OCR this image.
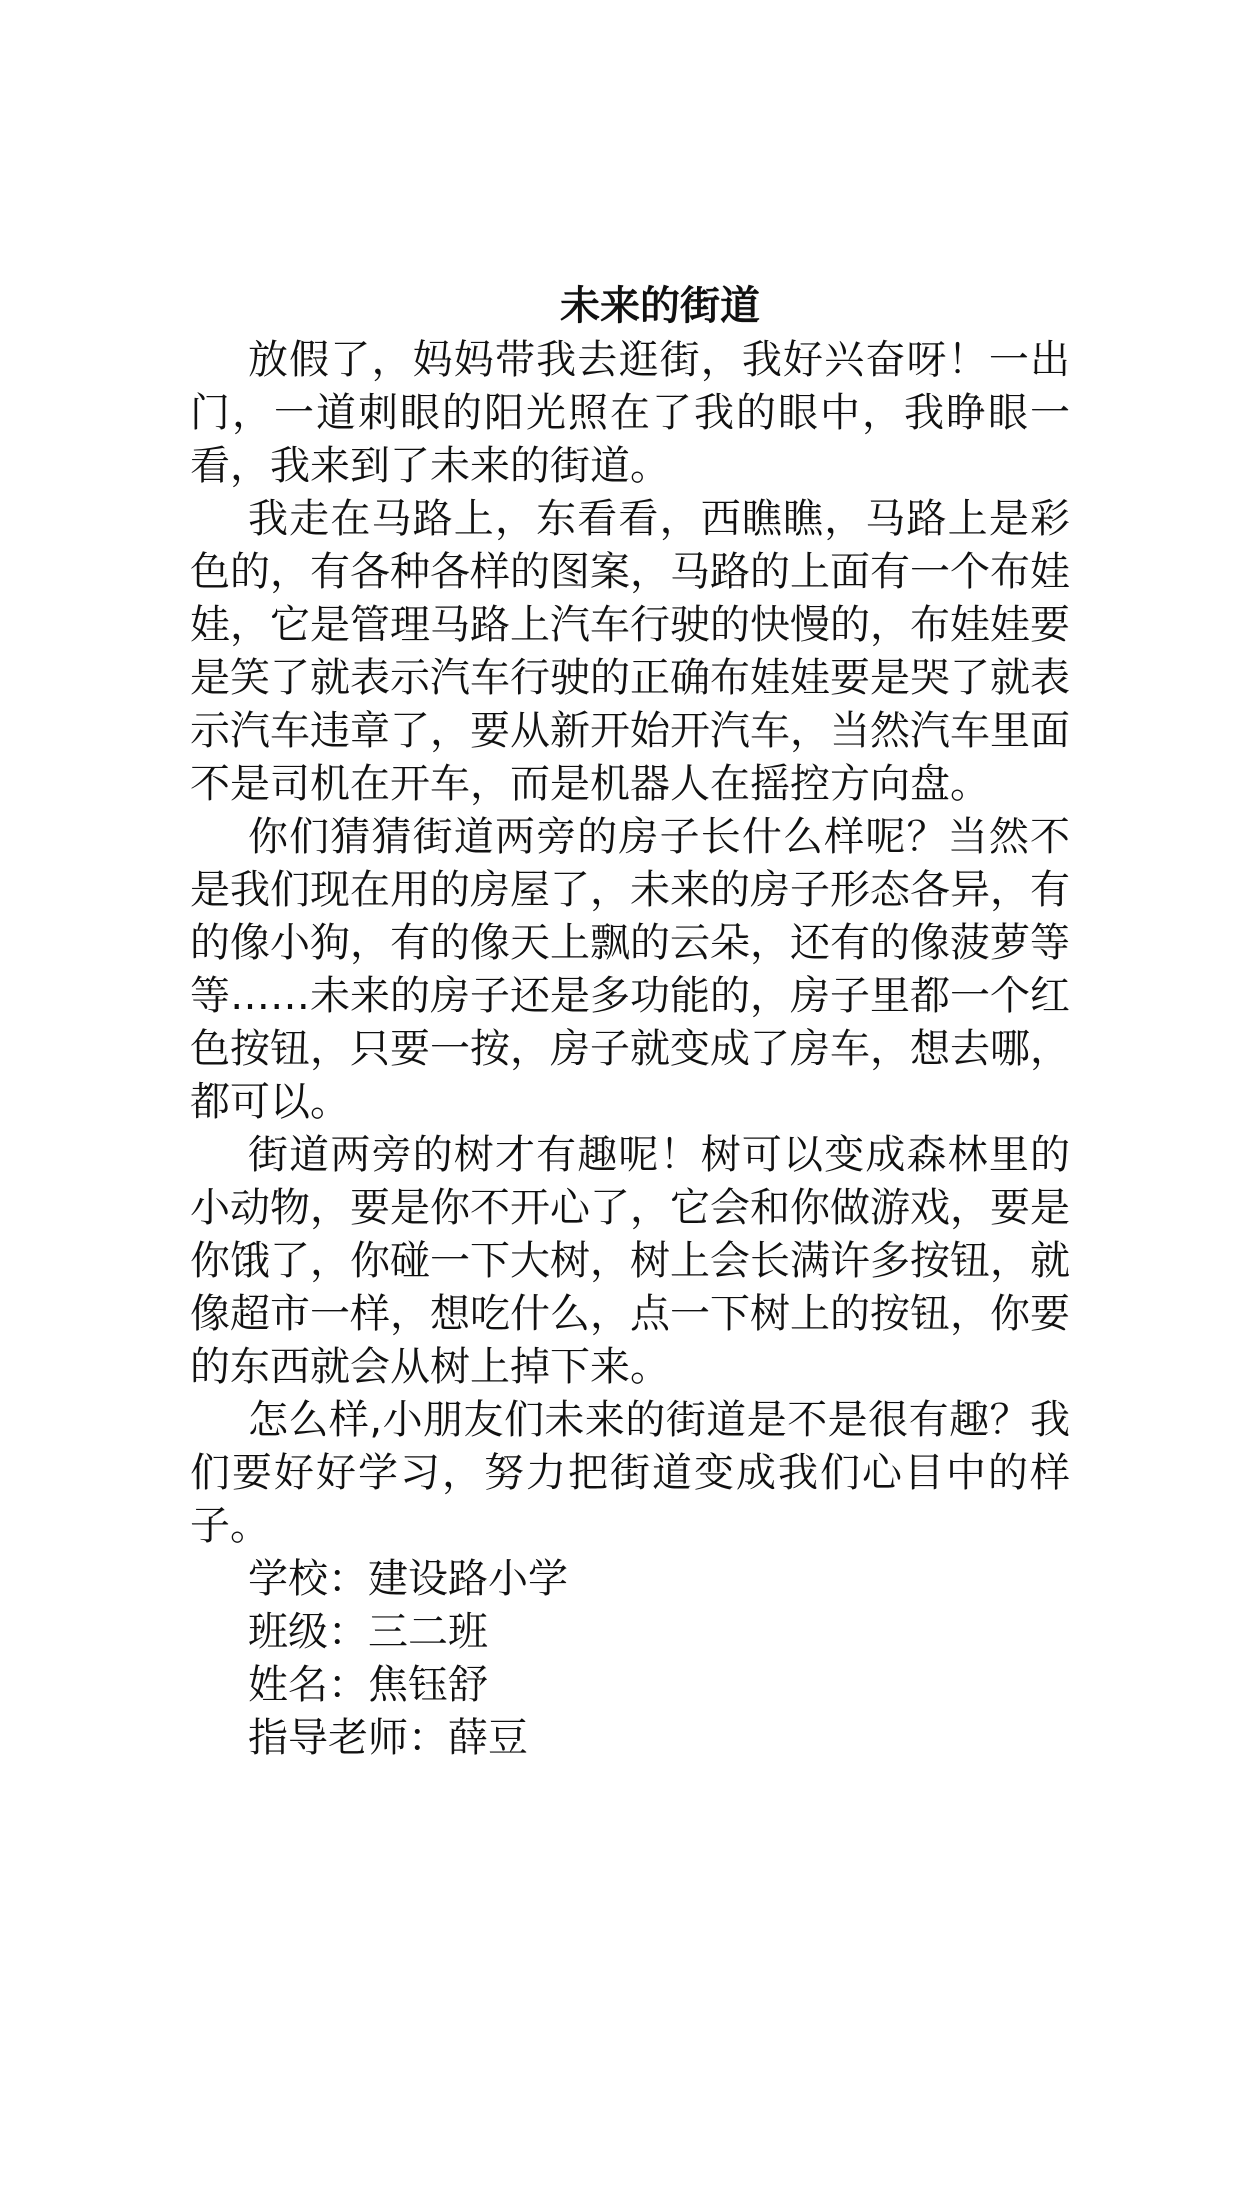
未来的街道

放假了，妈妈带我去逛街，我好兴奋呀！一出门，一道刺眼的阳光照在了我的眼中，我睁眼一看，我来到了未来的街道。

我走在马路上，东看看，西瞧瞧，马路上是彩色的，有各种各样的图案，马路的上面有一个布娃娃，它是管理马路上汽车行驶的快慢的，布娃娃要是笑了就表示汽车行驶的正确布娃娃要是哭了就表示汽车违章了，要从新开始开汽车，当然汽车里面不是司机在开车，而是机器人在摇控方向盘。

你们猜猜街道两旁的房子长什么样呢？当然不是我们现在用的房屋了，未来的房子形态各异，有的像小狗，有的像天上飘的云朵，还有的像菠萝等等……未来的房子还是多功能的，房子里都一个红色按钮，只要一按，房子就变成了房车，想去哪，都可以。

街道两旁的树才有趣呢！树可以变成森林里的小动物，要是你不开心了，它会和你做游戏，要是你饿了，你碰一下大树，树上会长满许多按钮，就像超市一样，想吃什么，点一下树上的按钮，你要的东西就会从树上掉下来。

怎么样,小朋友们未来的街道是不是很有趣？我们要好好学习，努力把街道变成我们心目中的样子。

学校：建设路小学

班级：三二班

姓名：焦钰舒

指导老师：薛豆
